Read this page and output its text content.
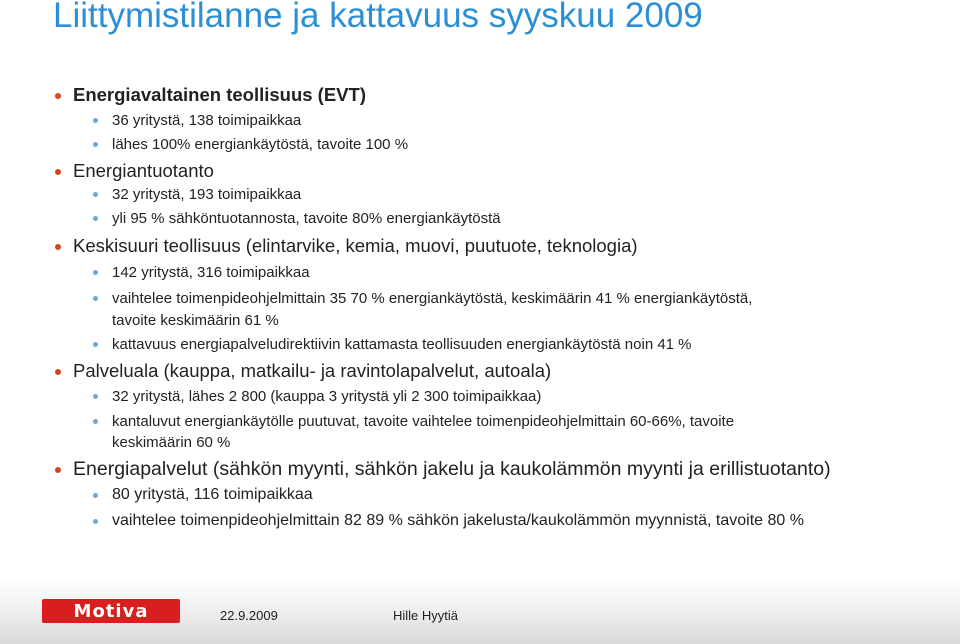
Liittymistilanne ja kattavuus syyskuu 2009
Energiavaltainen teollisuus (EVT)
36 yritystä, 138 toimipaikkaa
lähes 100% energiankäytöstä, tavoite 100 %
Energiantuotanto
32 yritystä, 193 toimipaikkaa
yli 95 % sähköntuotannosta, tavoite 80% energiankäytöstä
Keskisuuri teollisuus (elintarvike, kemia, muovi, puutuote, teknologia)
142 yritystä, 316 toimipaikkaa
vaihtelee toimenpideohjelmittain 35 70 % energiankäytöstä, keskimäärin 41 % energiankäytöstä,
tavoite keskimäärin 61 %
kattavuus energiapalveludirektiivin kattamasta teollisuuden energiankäytöstä noin 41 %
Palveluala (kauppa, matkailu- ja ravintolapalvelut, autoala)
32 yritystä, lähes 2 800 (kauppa 3 yritystä yli 2 300 toimipaikkaa)
kantaluvut energiankäytölle puutuvat, tavoite vaihtelee toimenpideohjelmittain 60-66%, tavoite
keskimäärin 60 %
Energiapalvelut (sähkön myynti, sähkön jakelu ja kaukolämmön myynti ja erillistuotanto)
80 yritystä, 116 toimipaikkaa
vaihtelee toimenpideohjelmittain 82 89 % sähkön jakelusta/kaukolämmön myynnistä, tavoite 80 %
Motiva	22.9.2009	Hille Hyytiä
